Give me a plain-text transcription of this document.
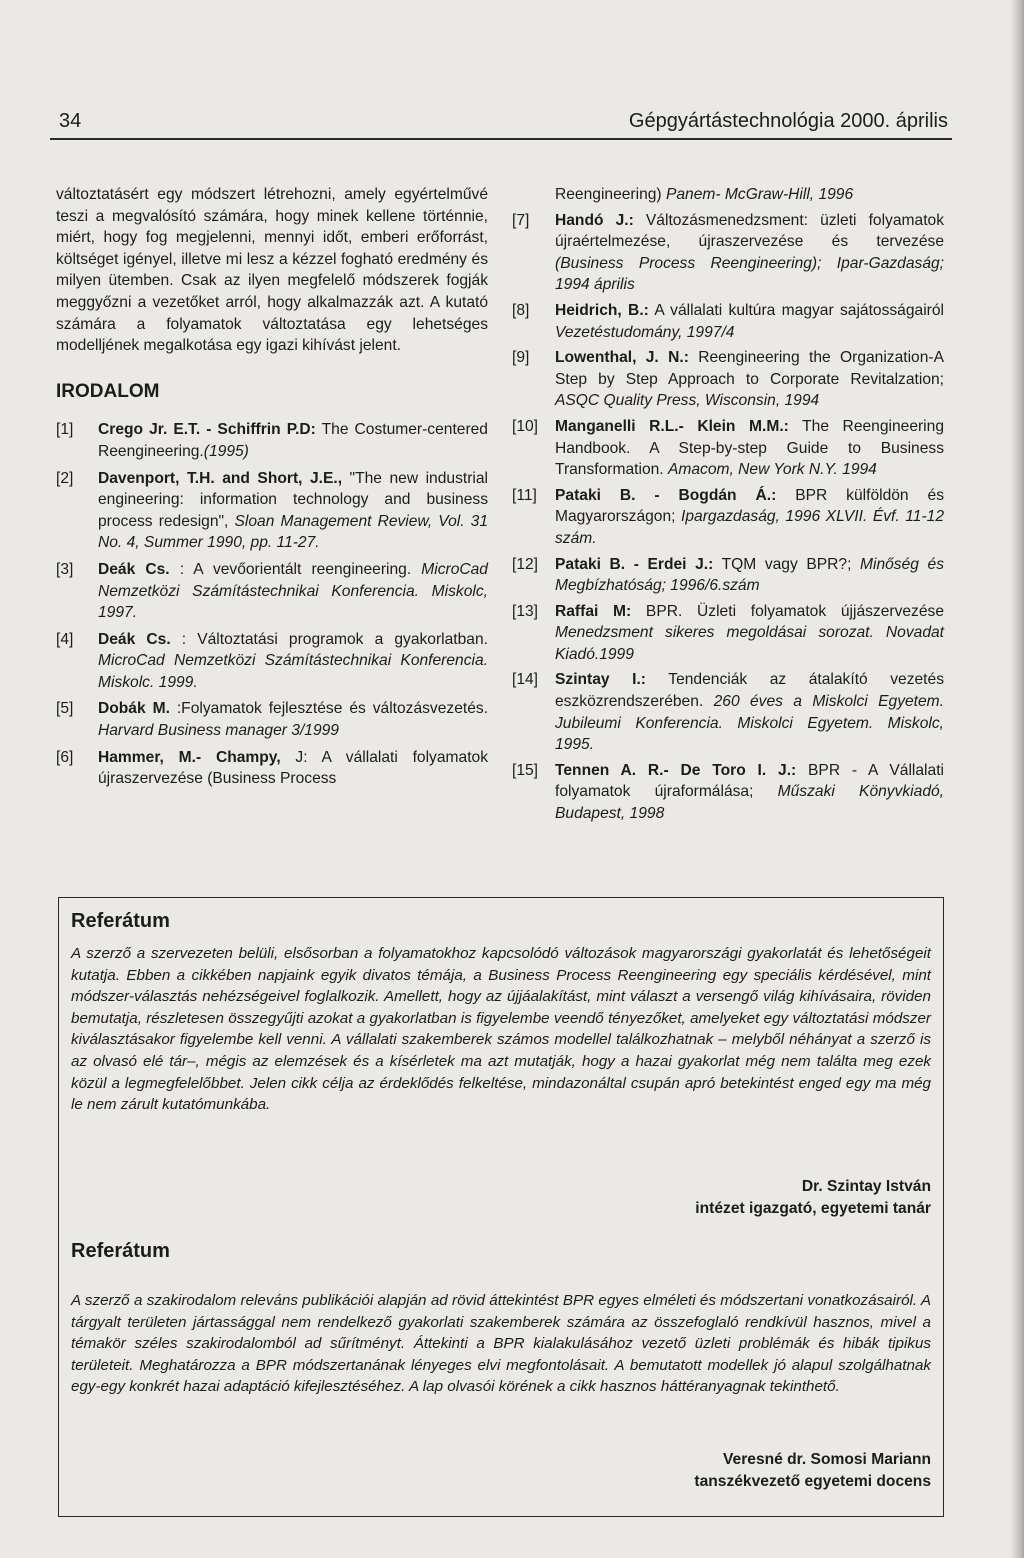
34	Gépgyártástechnológia 2000. április
változtatásért egy módszert létrehozni, amely egyértelművé teszi a megvalósító számára, hogy minek kellene történnie, miért, hogy fog megjelenni, mennyi időt, emberi erőforrást, költséget igényel, illetve mi lesz a kézzel fogható eredmény és milyen ütemben. Csak az ilyen megfelelő módszerek fogják meggyőzni a vezetőket arról, hogy alkalmazzák azt. A kutató számára a folyamatok változtatása egy lehetséges modelljének megalkotása egy igazi kihívást jelent.
IRODALOM
[1] Crego Jr. E.T. - Schiffrin P.D: The Costumer-centered Reengineering.(1995)
[2] Davenport, T.H. and Short, J.E., "The new industrial engineering: information technology and business process redesign", Sloan Management Review, Vol. 31 No. 4, Summer 1990, pp. 11-27.
[3] Deák Cs. : A vevőorientált reengineering. MicroCad Nemzetközi Számítástechnikai Konferencia. Miskolc, 1997.
[4] Deák Cs. : Változtatási programok a gyakorlatban. MicroCad Nemzetközi Számítástechnikai Konferencia. Miskolc. 1999.
[5] Dobák M. :Folyamatok fejlesztése és változásvezetés. Harvard Business manager 3/1999
[6] Hammer, M.- Champy, J: A vállalati folyamatok újraszervezése (Business Process
Reengineering) Panem- McGraw-Hill, 1996
[7] Handó J.: Változásmenedzsment: üzleti folyamatok újraértelmezése, újraszervezése és tervezése (Business Process Reengineering); Ipar-Gazdaság; 1994 április
[8] Heidrich, B.: A vállalati kultúra magyar sajátosságairól Vezetéstudomány, 1997/4
[9] Lowenthal, J. N.: Reengineering the Organization-A Step by Step Approach to Corporate Revitalzation; ASQC Quality Press, Wisconsin, 1994
[10] Manganelli R.L.- Klein M.M.: The Reengineering Handbook. A Step-by-step Guide to Business Transformation. Amacom, New York N.Y. 1994
[11] Pataki B. - Bogdán Á.: BPR külföldön és Magyarországon; Ipargazdaság, 1996 XLVII. Évf. 11-12 szám.
[12] Pataki B. - Erdei J.: TQM vagy BPR?; Minőség és Megbízhatóság; 1996/6.szám
[13] Raffai M: BPR. Üzleti folyamatok újjászervezése Menedzsment sikeres megoldásai sorozat. Novadat Kiadó.1999
[14] Szintay I.: Tendenciák az átalakító vezetés eszközrendszerében. 260 éves a Miskolci Egyetem. Jubileumi Konferencia. Miskolci Egyetem. Miskolc, 1995.
[15] Tennen A. R.- De Toro I. J.: BPR - A Vállalati folyamatok újraformálása; Műszaki Könyvkiadó, Budapest, 1998
Referátum
A szerző a szervezeten belüli, elsősorban a folyamatokhoz kapcsolódó változások magyarországi gyakorlatát és lehetőségeit kutatja. Ebben a cikkében napjaink egyik divatos témája, a Business Process Reengineering egy speciális kérdésével, mint módszer-választás nehézségeivel foglalkozik. Amellett, hogy az újjáalakítást, mint választ a versengő világ kihívásaira, röviden bemutatja, részletesen összegyűjti azokat a gyakorlatban is figyelembe veendő tényezőket, amelyeket egy változtatási módszer kiválasztásakor figyelembe kell venni. A vállalati szakemberek számos modellel találkozhatnak – melyből néhányat a szerző is az olvasó elé tár–, mégis az elemzések és a kísérletek ma azt mutatják, hogy a hazai gyakorlat még nem találta meg ezek közül a legmegfelelőbbet. Jelen cikk célja az érdeklődés felkeltése, mindazonáltal csupán apró betekintést enged egy ma még le nem zárult kutatómunkába.
Dr. Szintay István
intézet igazgató, egyetemi tanár
Referátum
A szerző a szakirodalom releváns publikációi alapján ad rövid áttekintést BPR egyes elméleti és módszertani vonatkozásairól. A tárgyalt területen jártassággal nem rendelkező gyakorlati szakemberek számára az összefoglaló rendkívül hasznos, mivel a témakör széles szakirodalomból ad sűrítményt. Áttekinti a BPR kialakulásához vezető üzleti problémák és hibák tipikus területeit. Meghatározza a BPR módszertanának lényeges elvi megfontolásait. A bemutatott modellek jó alapul szolgálhatnak egy-egy konkrét hazai adaptáció kifejlesztéséhez. A lap olvasói körének a cikk hasznos háttéranyagnak tekinthető.
Veresné dr. Somosi Mariann
tanszékvezető egyetemi docens
